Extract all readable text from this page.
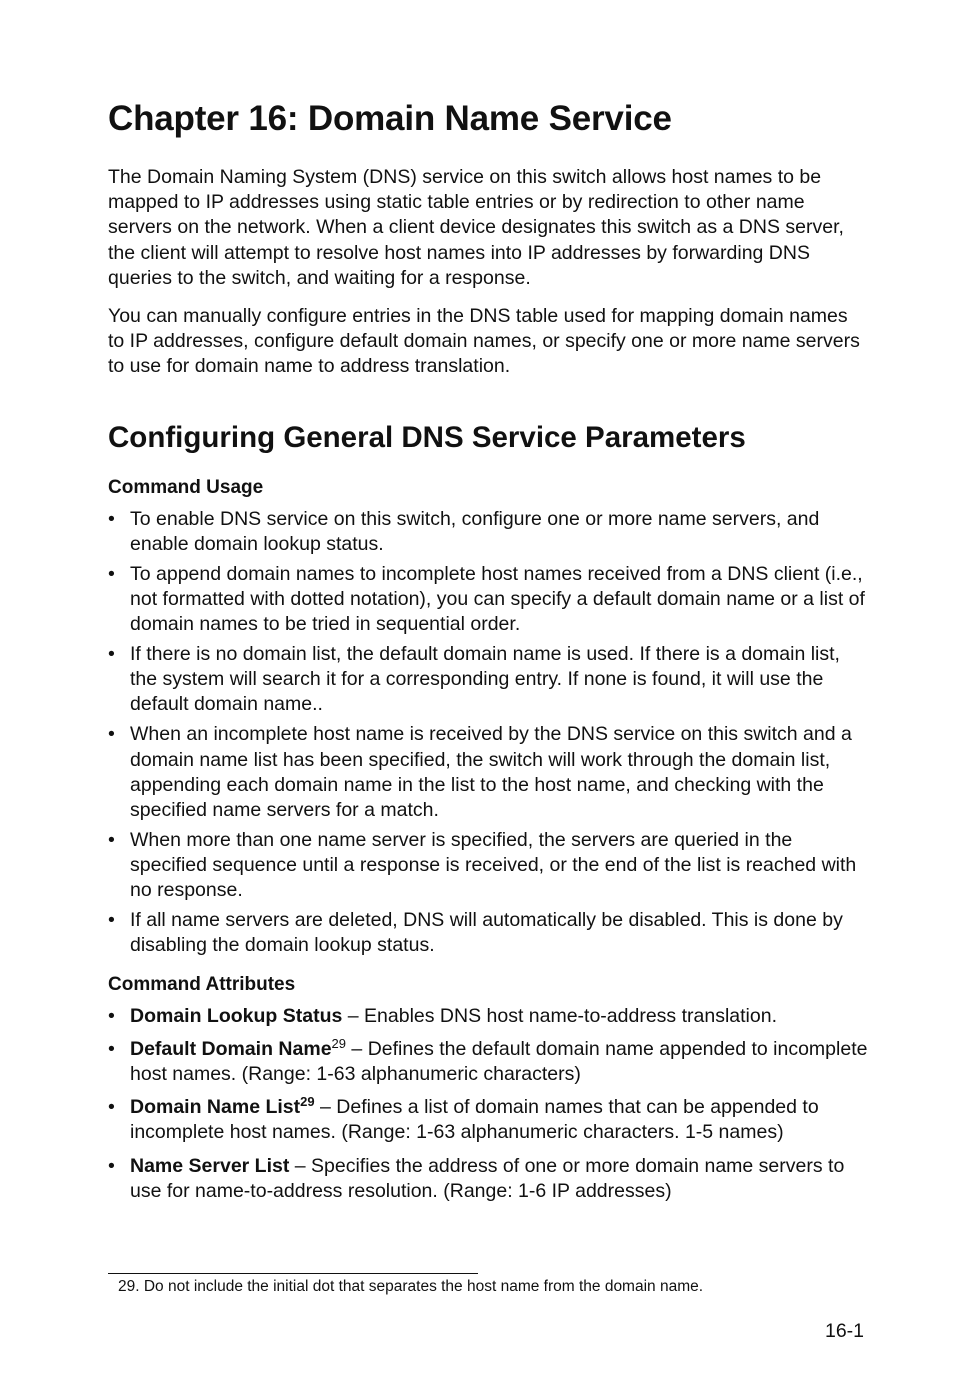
Chapter 16: Domain Name Service

The Domain Naming System (DNS) service on this switch allows host names to be mapped to IP addresses using static table entries or by redirection to other name servers on the network. When a client device designates this switch as a DNS server, the client will attempt to resolve host names into IP addresses by forwarding DNS queries to the switch, and waiting for a response.

You can manually configure entries in the DNS table used for mapping domain names to IP addresses, configure default domain names, or specify one or more name servers to use for domain name to address translation.

Configuring General DNS Service Parameters
Command Usage
• To enable DNS service on this switch, configure one or more name servers, and enable domain lookup status.
• To append domain names to incomplete host names received from a DNS client (i.e., not formatted with dotted notation), you can specify a default domain name or a list of domain names to be tried in sequential order.
• If there is no domain list, the default domain name is used. If there is a domain list, the system will search it for a corresponding entry. If none is found, it will use the default domain name..
• When an incomplete host name is received by the DNS service on this switch and a domain name list has been specified, the switch will work through the domain list, appending each domain name in the list to the host name, and checking with the specified name servers for a match.
• When more than one name server is specified, the servers are queried in the specified sequence until a response is received, or the end of the list is reached with no response.
• If all name servers are deleted, DNS will automatically be disabled. This is done by disabling the domain lookup status.
Command Attributes
• Domain Lookup Status – Enables DNS host name-to-address translation.
• Default Domain Name$^{29}$ – Defines the default domain name appended to incomplete host names. (Range: 1-63 alphanumeric characters)
• Domain Name List$^{29}$ – Defines a list of domain names that can be appended to incomplete host names. (Range: 1-63 alphanumeric characters. 1-5 names)
• Name Server List – Specifies the address of one or more domain name servers to use for name-to-address resolution. (Range: 1-6 IP addresses)
29. Do not include the initial dot that separates the host name from the domain name.
16-1
